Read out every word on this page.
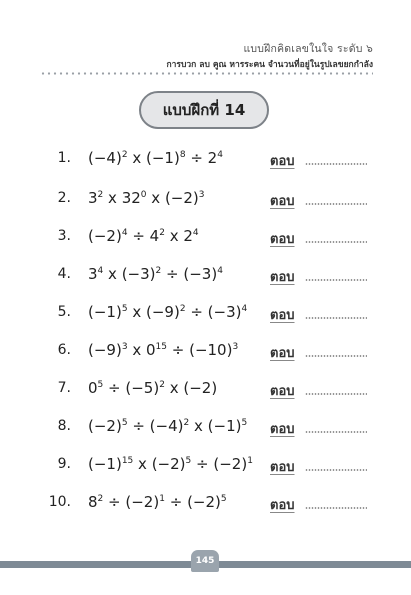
แบบฝึกคิดเลขในใจ ระดับ ๖
การบวก ลบ คูณ หารระคน จำนวนที่อยู่ในรูปเลขยกกำลัง
แบบฝึกที่ 14
1. $(-4)^2$ x $(-1)^8 \div 2^4$	ตอบ
2. $3^2$ x $32^0$ x $(-2)^3$	ตอบ
3. $(-2)^4 \div 4^2$ x $2^4$	ตอบ
4. $3^4$ x $(-3)^2 \div (-3)^4$	ตอบ
5. $(-1)^5$ x $(-9)^2 \div (-3)^4$ ตอบ
6. $(-9)^3$ x $0^{15} \div (-10)^3$ ตอบ
7. $0^5 \div (-5)^2$ x (−2)	ตอบ
8. $(-2)^5 \div (-4)^2$ x $(-1)^5$ ตอบ
9. $(-1)^{15}$ x $(-2)^5 \div (-2)^1$ ตอบ
10. $8^2 \div (-2)^1 \div (-2)^5$	ตอบ
145
